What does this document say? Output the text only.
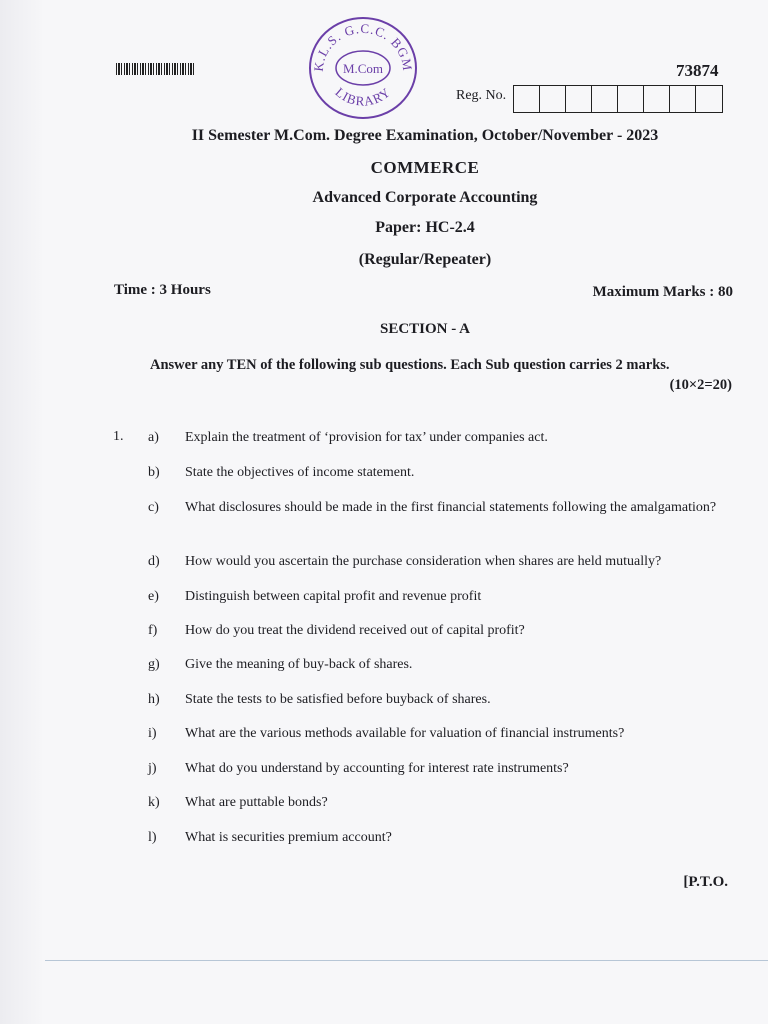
K.L.S. G.C.C. BGM
M.Com
LIBRARY
73874
Reg. No.
II Semester M.Com. Degree Examination, October/November - 2023
COMMERCE
Advanced Corporate Accounting
Paper: HC-2.4
(Regular/Repeater)
Time : 3 Hours	Maximum Marks : 80
SECTION - A
Answer any TEN of the following sub questions. Each Sub question carries 2 marks.
(10×2=20)
1. a)	Explain the treatment of ‘provision for tax’ under companies act.
b)	State the objectives of income statement.
c)	What disclosures should be made in the first financial statements following the amalgamation?
d)	How would you ascertain the purchase consideration when shares are held mutually?
e)	Distinguish between capital profit and revenue profit
f)	How do you treat the dividend received out of capital profit?
g)	Give the meaning of buy-back of shares.
h)	State the tests to be satisfied before buyback of shares.
i)	What are the various methods available for valuation of financial instruments?
j)	What do you understand by accounting for interest rate instruments?
k)	What are puttable bonds?
l)	What is securities premium account?
[P.T.O.
